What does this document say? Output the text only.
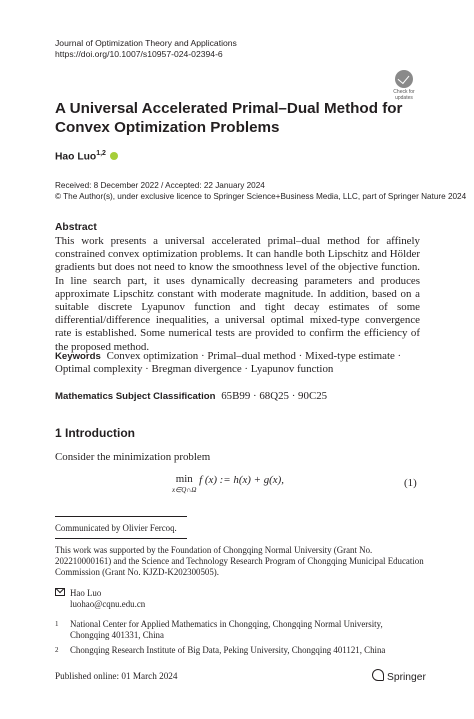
Journal of Optimization Theory and Applications
https://doi.org/10.1007/s10957-024-02394-6
Check for
updates
A Universal Accelerated Primal–Dual Method for Convex Optimization Problems
Hao Luo$^{1,2}$
Received: 8 December 2022 / Accepted: 22 January 2024
© The Author(s), under exclusive licence to Springer Science+Business Media, LLC, part of Springer Nature 2024
Abstract
This work presents a universal accelerated primal–dual method for affinely constrained convex optimization problems. It can handle both Lipschitz and Hölder gradients but does not need to know the smoothness level of the objective function. In line search part, it uses dynamically decreasing parameters and produces approximate Lipschitz constant with moderate magnitude. In addition, based on a suitable discrete Lyapunov function and tight decay estimates of some differential/difference inequalities, a universal optimal mixed-type convergence rate is established. Some numerical tests are provided to confirm the efficiency of the proposed method.
Keywords Convex optimization · Primal–dual method · Mixed-type estimate · Optimal complexity · Bregman divergence · Lyapunov function
Mathematics Subject Classification 65B99 · 68Q25 · 90C25
1 Introduction
Consider the minimization problem
min
x∈Q∩Ω
f (x) := h(x) + g(x),	(1)
Communicated by Olivier Fercoq.
This work was supported by the Foundation of Chongqing Normal University (Grant No. 202210000161) and the Science and Technology Research Program of Chongqing Municipal Education Commission (Grant No. KJZD-K202300505).
Hao Luo
luohao@cqnu.edu.cn
1 National Center for Applied Mathematics in Chongqing, Chongqing Normal University, Chongqing 401331, China
2 Chongqing Research Institute of Big Data, Peking University, Chongqing 401121, China
Published online: 01 March 2024	Springer
